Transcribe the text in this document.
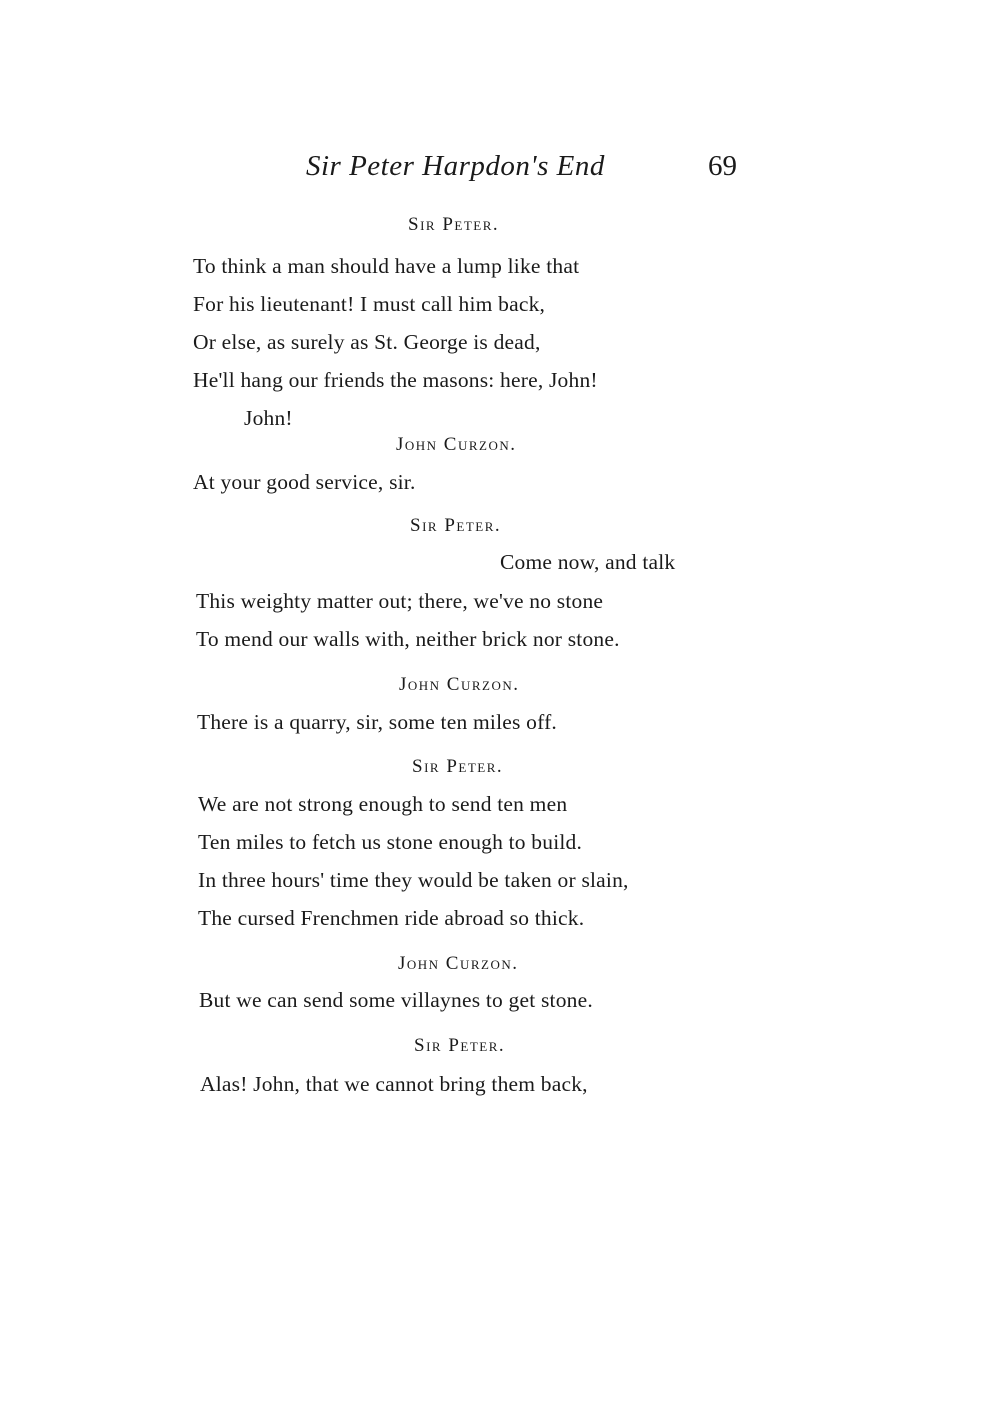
Sir Peter Harpdon's End	69
Sir Peter.
To think a man should have a lump like that
For his lieutenant! I must call him back,
Or else, as surely as St. George is dead,
He'll hang our friends the masons: here, John!
John!
John Curzon.
At your good service, sir.
Sir Peter.
Come now, and talk
This weighty matter out; there, we've no stone
To mend our walls with, neither brick nor stone.
John Curzon.
There is a quarry, sir, some ten miles off.
Sir Peter.
We are not strong enough to send ten men
Ten miles to fetch us stone enough to build.
In three hours' time they would be taken or slain,
The cursed Frenchmen ride abroad so thick.
John Curzon.
But we can send some villaynes to get stone.
Sir Peter.
Alas! John, that we cannot bring them back,
